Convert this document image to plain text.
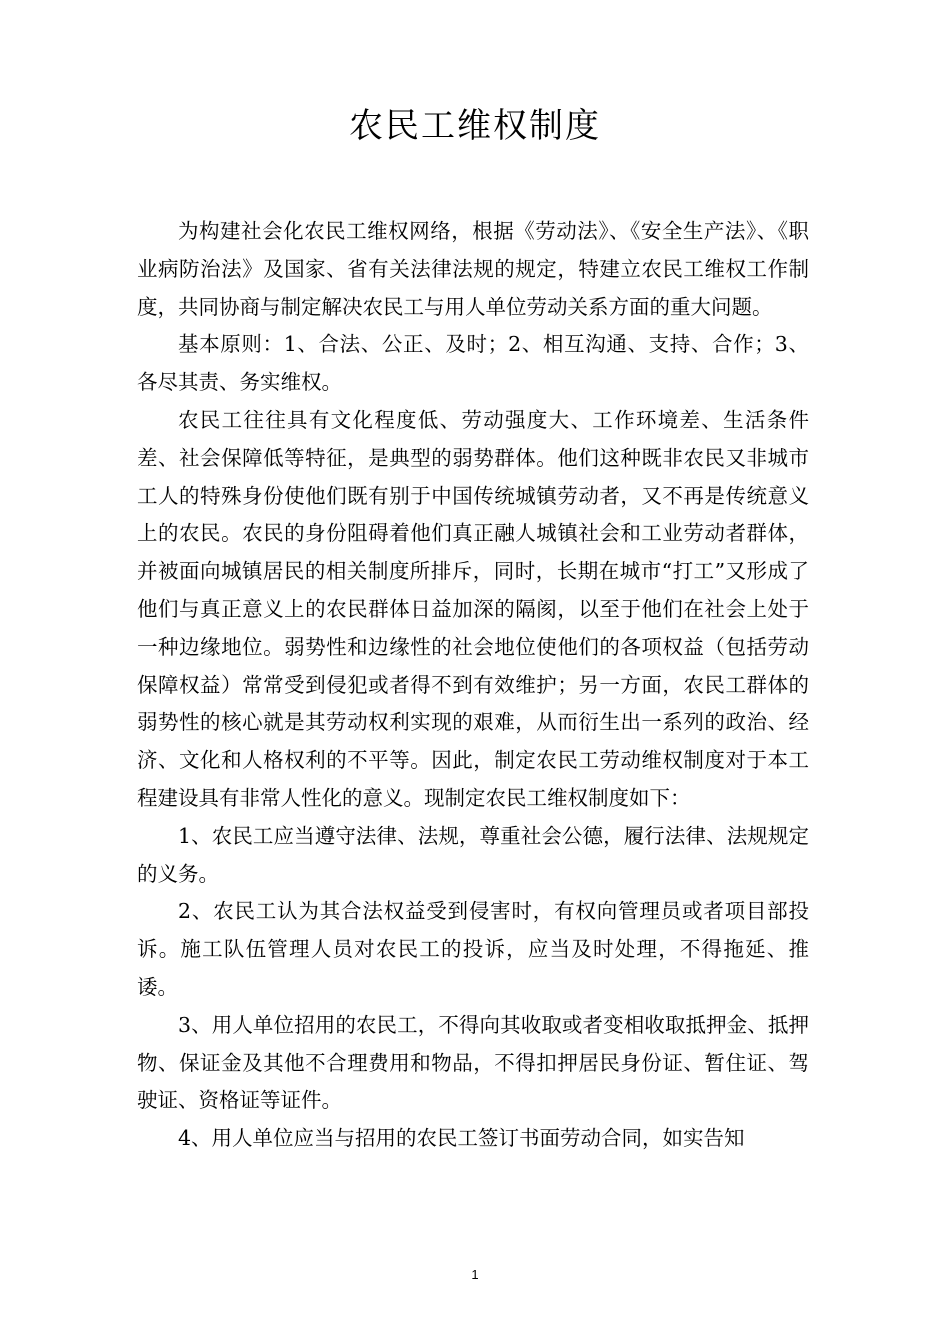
农民工维权制度

为构建社会化农民工维权网络，根据《劳动法》、《安全生产法》、《职业病防治法》及国家、省有关法律法规的规定，特建立农民工维权工作制度，共同协商与制定解决农民工与用人单位劳动关系方面的重大问题。

基本原则：1、合法、公正、及时；2、相互沟通、支持、合作；3、各尽其责、务实维权。

农民工往往具有文化程度低、劳动强度大、工作环境差、生活条件差、社会保障低等特征，是典型的弱势群体。他们这种既非农民又非城市工人的特殊身份使他们既有别于中国传统城镇劳动者，又不再是传统意义上的农民。农民的身份阻碍着他们真正融人城镇社会和工业劳动者群体，并被面向城镇居民的相关制度所排斥，同时，长期在城市“打工”又形成了他们与真正意义上的农民群体日益加深的隔阂，以至于他们在社会上处于一种边缘地位。弱势性和边缘性的社会地位使他们的各项权益（包括劳动保障权益）常常受到侵犯或者得不到有效维护；另一方面，农民工群体的弱势性的核心就是其劳动权利实现的艰难，从而衍生出一系列的政治、经济、文化和人格权利的不平等。因此，制定农民工劳动维权制度对于本工程建设具有非常人性化的意义。现制定农民工维权制度如下：

1、农民工应当遵守法律、法规，尊重社会公德，履行法律、法规规定的义务。

2、农民工认为其合法权益受到侵害时，有权向管理员或者项目部投诉。施工队伍管理人员对农民工的投诉，应当及时处理，不得拖延、推诿。

3、用人单位招用的农民工，不得向其收取或者变相收取抵押金、抵押物、保证金及其他不合理费用和物品，不得扣押居民身份证、暂住证、驾驶证、资格证等证件。

4、用人单位应当与招用的农民工签订书面劳动合同，如实告知

1
